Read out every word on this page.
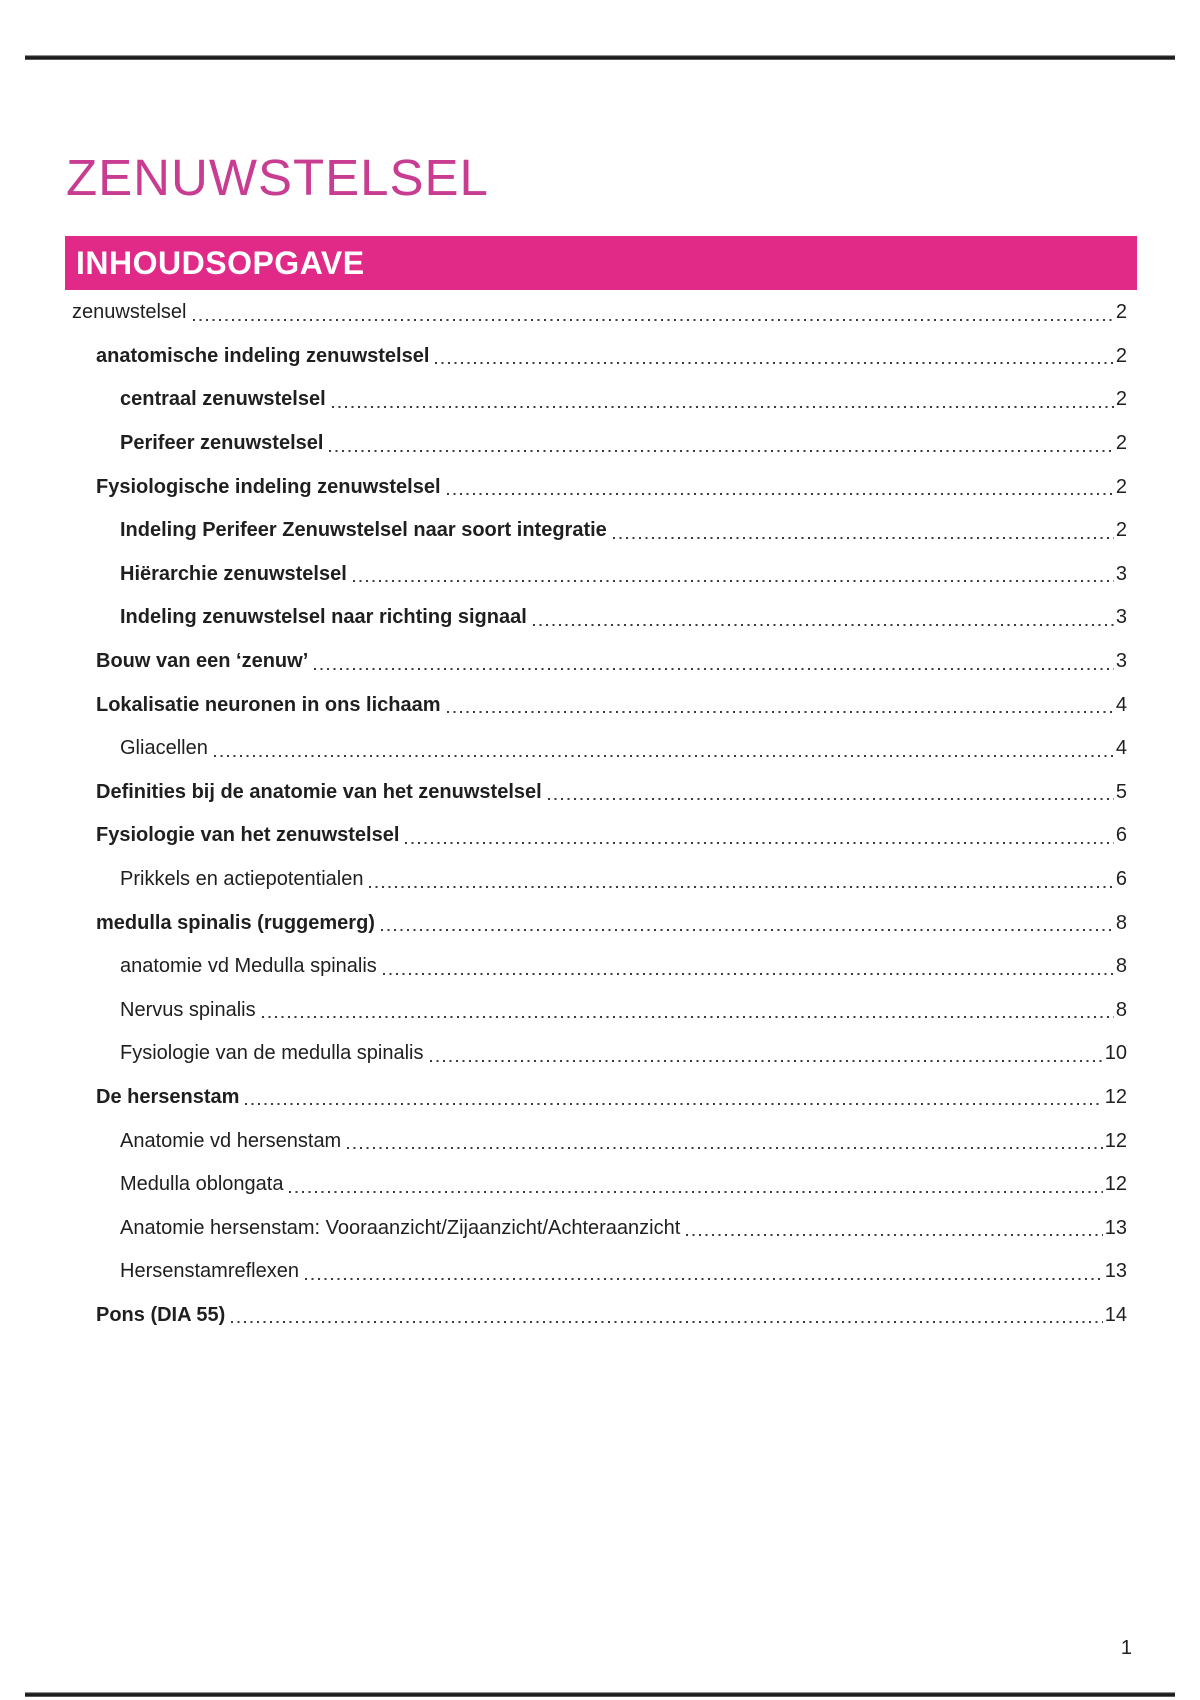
ZENUWSTELSEL
INHOUDSOPGAVE
zenuwstelsel	2
anatomische indeling zenuwstelsel	2
centraal zenuwstelsel	2
Perifeer zenuwstelsel	2
Fysiologische indeling zenuwstelsel	2
Indeling Perifeer Zenuwstelsel naar soort integratie	2
Hiërarchie zenuwstelsel	3
Indeling zenuwstelsel naar richting signaal	3
Bouw van een ‘zenuw’	3
Lokalisatie neuronen in ons lichaam	4
Gliacellen	4
Definities bij de anatomie van het zenuwstelsel	5
Fysiologie van het zenuwstelsel	6
Prikkels en actiepotentialen	6
medulla spinalis (ruggemerg)	8
anatomie vd Medulla spinalis	8
Nervus spinalis	8
Fysiologie van de medulla spinalis	10
De hersenstam	12
Anatomie vd hersenstam	12
Medulla oblongata	12
Anatomie hersenstam: Vooraanzicht/Zijaanzicht/Achteraanzicht	13
Hersenstamreflexen	13
Pons (DIA 55)	14
1
